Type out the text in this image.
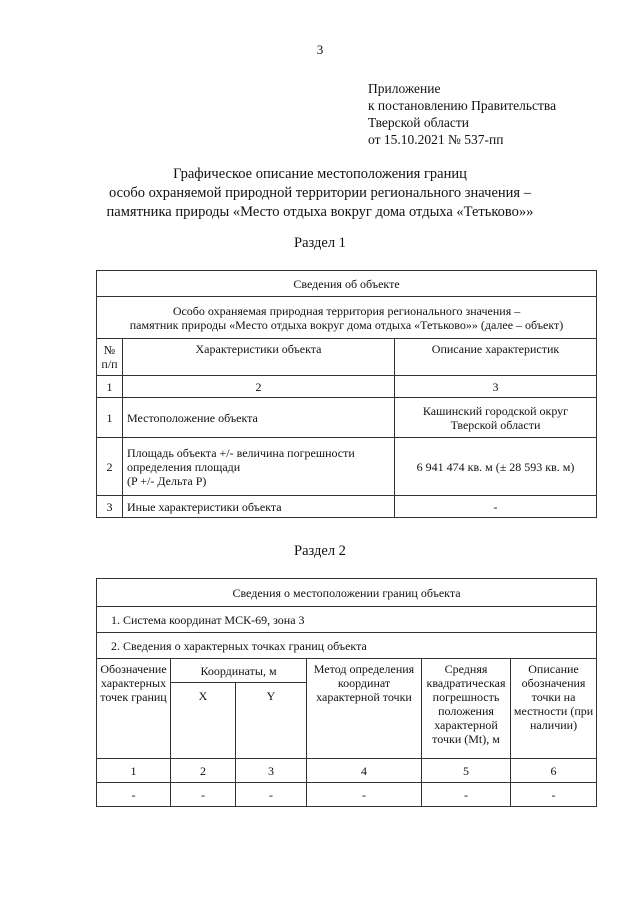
3
Приложение
к постановлению Правительства
Тверской области
от 15.10.2021 № 537-пп
Графическое описание местоположения границ
особо охраняемой природной территории регионального значения –
памятника природы «Место отдыха вокруг дома отдыха «Тетьково»»
Раздел 1
Сведения об объекте		

Особо охраняемая природная территория регионального значения –
памятник природы «Место отдыха вокруг дома отдыха «Тетьково»» (далее – объект)		

№ п/п	Характеристики объекта	Описание характеристик
1	2	3
1	Местоположение объекта	Кашинский городской округ Тверской области
2	Площадь объекта +/- величина погрешности
определения площади
(P +/- Дельта P)	6 941 474 кв. м (± 28 593 кв. м)
3	Иные характеристики объекта	-
Раздел 2
Сведения о местоположении границ объекта					
1. Система координат МСК-69, зона 3					
2. Сведения о характерных точках границ объекта					
Обозначение характерных точек границ	Координаты, м		Метод определения координат характерной точки	Средняя квадратическая погрешность положения характерной точки (Mt), м	Описание обозначения точки на местности (при наличии)
	X	Y			
1	2	3	4	5	6
-	-	-	-	-	-
